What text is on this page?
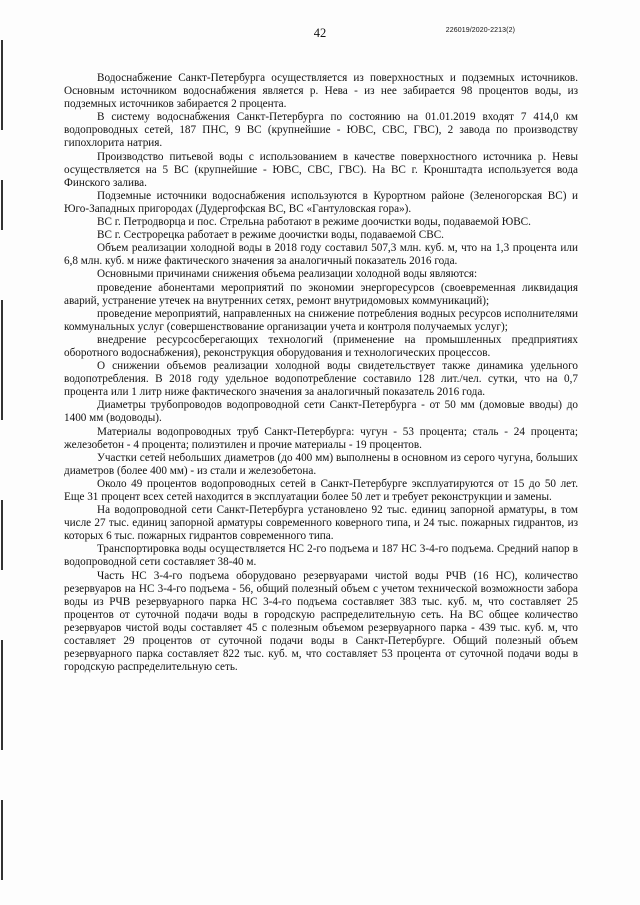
42	226019/2020-2213(2)

Водоснабжение Санкт-Петербурга осуществляется из поверхностных и подземных источников. Основным источником водоснабжения является р. Нева - из нее забирается 98 процентов воды, из подземных источников забирается 2 процента.

В систему водоснабжения Санкт-Петербурга по состоянию на 01.01.2019 входят 7 414,0 км водопроводных сетей, 187 ПНС, 9 ВС (крупнейшие - ЮВС, СВС, ГВС), 2 завода по производству гипохлорита натрия.

Производство питьевой воды с использованием в качестве поверхностного источника р. Невы осуществляется на 5 ВС (крупнейшие - ЮВС, СВС, ГВС). На ВС г. Кронштадта используется вода Финского залива.

Подземные источники водоснабжения используются в Курортном районе (Зеленогорская ВС) и Юго-Западных пригородах (Дудергофская ВС, ВС «Гантуловская гора»).

ВС г. Петродворца и пос. Стрельна работают в режиме доочистки воды, подаваемой ЮВС.

ВС г. Сестрорецка работает в режиме доочистки воды, подаваемой СВС.

Объем реализации холодной воды в 2018 году составил 507,3 млн. куб. м, что на 1,3 процента или 6,8 млн. куб. м ниже фактического значения за аналогичный показатель 2016 года.

Основными причинами снижения объема реализации холодной воды являются:

проведение абонентами мероприятий по экономии энергоресурсов (своевременная ликвидация аварий, устранение утечек на внутренних сетях, ремонт внутридомовых коммуникаций);

проведение мероприятий, направленных на снижение потребления водных ресурсов исполнителями коммунальных услуг (совершенствование организации учета и контроля получаемых услуг);

внедрение ресурсосберегающих технологий (применение на промышленных предприятиях оборотного водоснабжения), реконструкция оборудования и технологических процессов.

О снижении объемов реализации холодной воды свидетельствует также динамика удельного водопотребления. В 2018 году удельное водопотребление составило 128 лит./чел. сутки, что на 0,7 процента или 1 литр ниже фактического значения за аналогичный показатель 2016 года.

Диаметры трубопроводов водопроводной сети Санкт-Петербурга - от 50 мм (домовые вводы) до 1400 мм (водоводы).

Материалы водопроводных труб Санкт-Петербурга: чугун - 53 процента; сталь - 24 процента; железобетон - 4 процента; полиэтилен и прочие материалы - 19 процентов.

Участки сетей небольших диаметров (до 400 мм) выполнены в основном из серого чугуна, больших диаметров (более 400 мм) - из стали и железобетона.

Около 49 процентов водопроводных сетей в Санкт-Петербурге эксплуатируются от 15 до 50 лет. Еще 31 процент всех сетей находится в эксплуатации более 50 лет и требует реконструкции и замены.

На водопроводной сети Санкт-Петербурга установлено 92 тыс. единиц запорной арматуры, в том числе 27 тыс. единиц запорной арматуры современного коверного типа, и 24 тыс. пожарных гидрантов, из которых 6 тыс. пожарных гидрантов современного типа.

Транспортировка воды осуществляется НС 2-го подъема и 187 НС 3-4-го подъема. Средний напор в водопроводной сети составляет 38-40 м.

Часть НС 3-4-го подъема оборудовано резервуарами чистой воды РЧВ (16 НС), количество резервуаров на НС 3-4-го подъема - 56, общий полезный объем с учетом технической возможности забора воды из РЧВ резервуарного парка НС 3-4-го подъема составляет 383 тыс. куб. м, что составляет 25 процентов от суточной подачи воды в городскую распределительную сеть. На ВС общее количество резервуаров чистой воды составляет 45 с полезным объемом резервуарного парка - 439 тыс. куб. м, что составляет 29 процентов от суточной подачи воды в Санкт-Петербурге. Общий полезный объем резервуарного парка составляет 822 тыс. куб. м, что составляет 53 процента от суточной подачи воды в городскую распределительную сеть.
